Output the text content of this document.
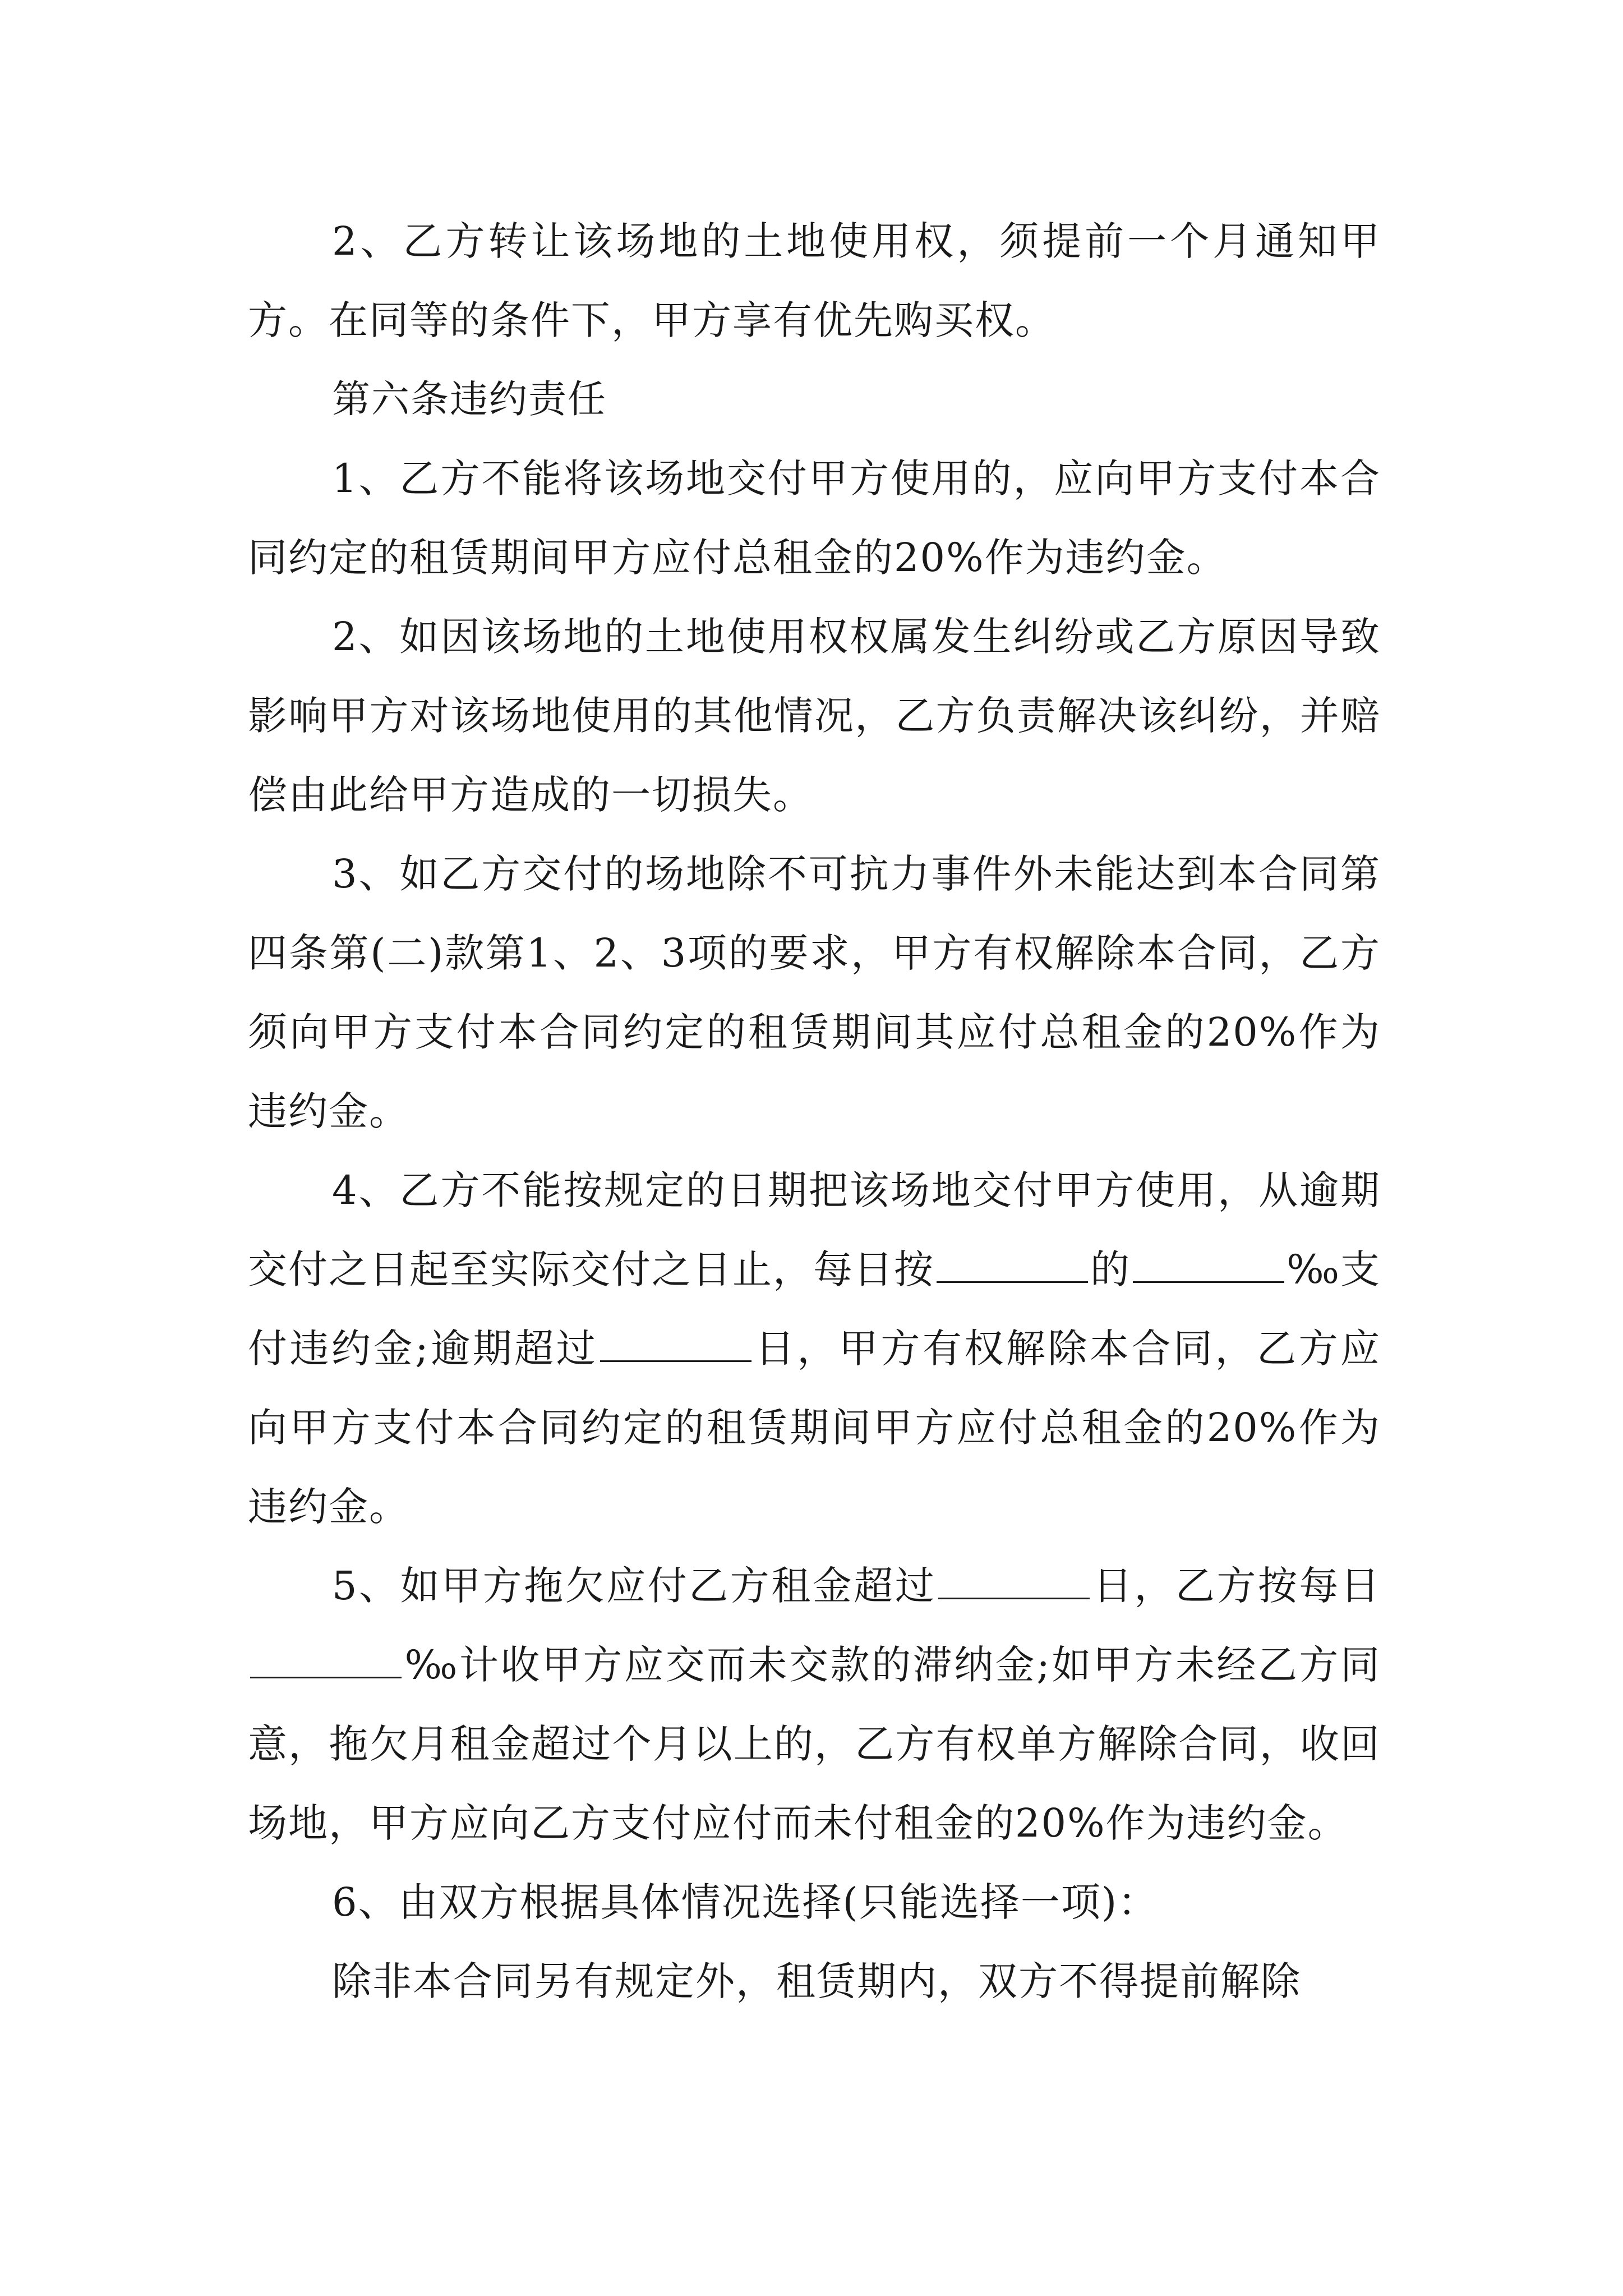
2、乙方转让该场地的土地使用权，须提前一个月通知甲方。在同等的条件下，甲方享有优先购买权。

第六条违约责任

1、乙方不能将该场地交付甲方使用的，应向甲方支付本合同约定的租赁期间甲方应付总租金的20%作为违约金。

2、如因该场地的土地使用权权属发生纠纷或乙方原因导致影响甲方对该场地使用的其他情况，乙方负责解决该纠纷，并赔偿由此给甲方造成的一切损失。

3、如乙方交付的场地除不可抗力事件外未能达到本合同第四条第(二)款第1、2、3项的要求，甲方有权解除本合同，乙方须向甲方支付本合同约定的租赁期间其应付总租金的20%作为违约金。

4、乙方不能按规定的日期把该场地交付甲方使用，从逾期交付之日起至实际交付之日止，每日按	的	‰支付违约金;逾期超过	日，甲方有权解除本合同，乙方应向甲方支付本合同约定的租赁期间甲方应付总租金的20%作为违约金。

5、如甲方拖欠应付乙方租金超过	日，乙方按每日‰计收甲方应交而未交款的滞纳金;如甲方未经乙方同意，拖欠月租金超过个月以上的，乙方有权单方解除合同，收回场地，甲方应向乙方支付应付而未付租金的20%作为违约金。

6、由双方根据具体情况选择(只能选择一项)：

除非本合同另有规定外，租赁期内，双方不得提前解除
